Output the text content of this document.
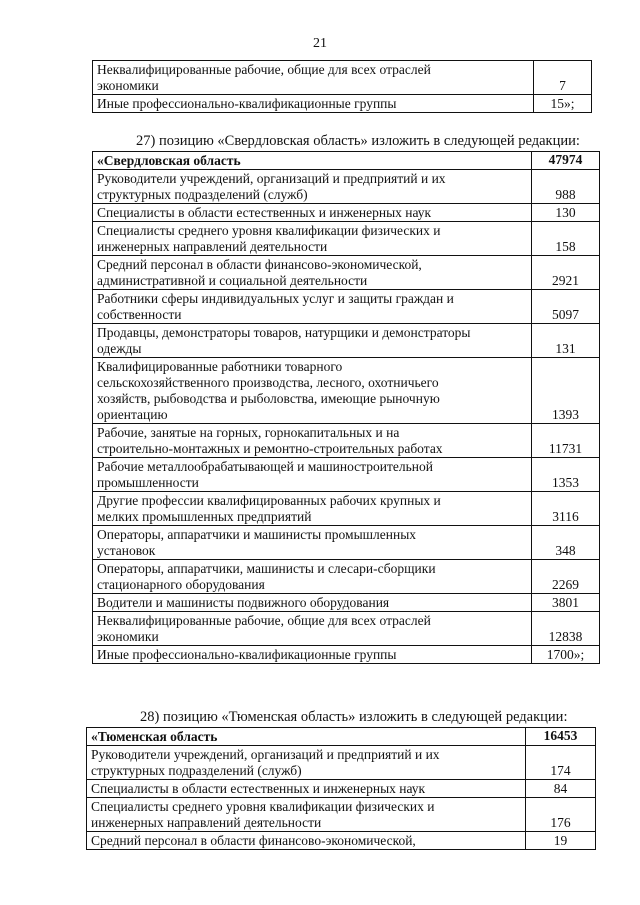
21
Неквалифицированные рабочие, общие для всех отраслей
экономики	7

Иные профессионально-квалификационные группы	15»;
27) позицию «Свердловская область» изложить в следующей редакции:
«Свердловская область	47974

Руководители учреждений, организаций и предприятий и их
структурных подразделений (служб)	988

Специалисты в области естественных и инженерных наук	130

Специалисты среднего уровня квалификации физических и
инженерных направлений деятельности	158

Средний персонал в области финансово-экономической,
административной и социальной деятельности	2921

Работники сферы индивидуальных услуг и защиты граждан и
собственности	5097

Продавцы, демонстраторы товаров, натурщики и демонстраторы
одежды	131

Квалифицированные работники товарного
сельскохозяйственного производства, лесного, охотничьего
хозяйств, рыбоводства и рыболовства, имеющие рыночную
ориентацию	1393

Рабочие, занятые на горных, горнокапитальных и на
строительно-монтажных и ремонтно-строительных работах	11731

Рабочие металлообрабатывающей и машиностроительной
промышленности	1353

Другие профессии квалифицированных рабочих крупных и
мелких промышленных предприятий	3116

Операторы, аппаратчики и машинисты промышленных
установок	348

Операторы, аппаратчики, машинисты и слесари-сборщики
стационарного оборудования	2269

Водители и машинисты подвижного оборудования	3801

Неквалифицированные рабочие, общие для всех отраслей
экономики	12838

Иные профессионально-квалификационные группы	1700»;
28) позицию «Тюменская область» изложить в следующей редакции:
«Тюменская область	16453

Руководители учреждений, организаций и предприятий и их
структурных подразделений (служб)	174

Специалисты в области естественных и инженерных наук	84

Специалисты среднего уровня квалификации физических и
инженерных направлений деятельности	176

Средний персонал в области финансово-экономической,	19
